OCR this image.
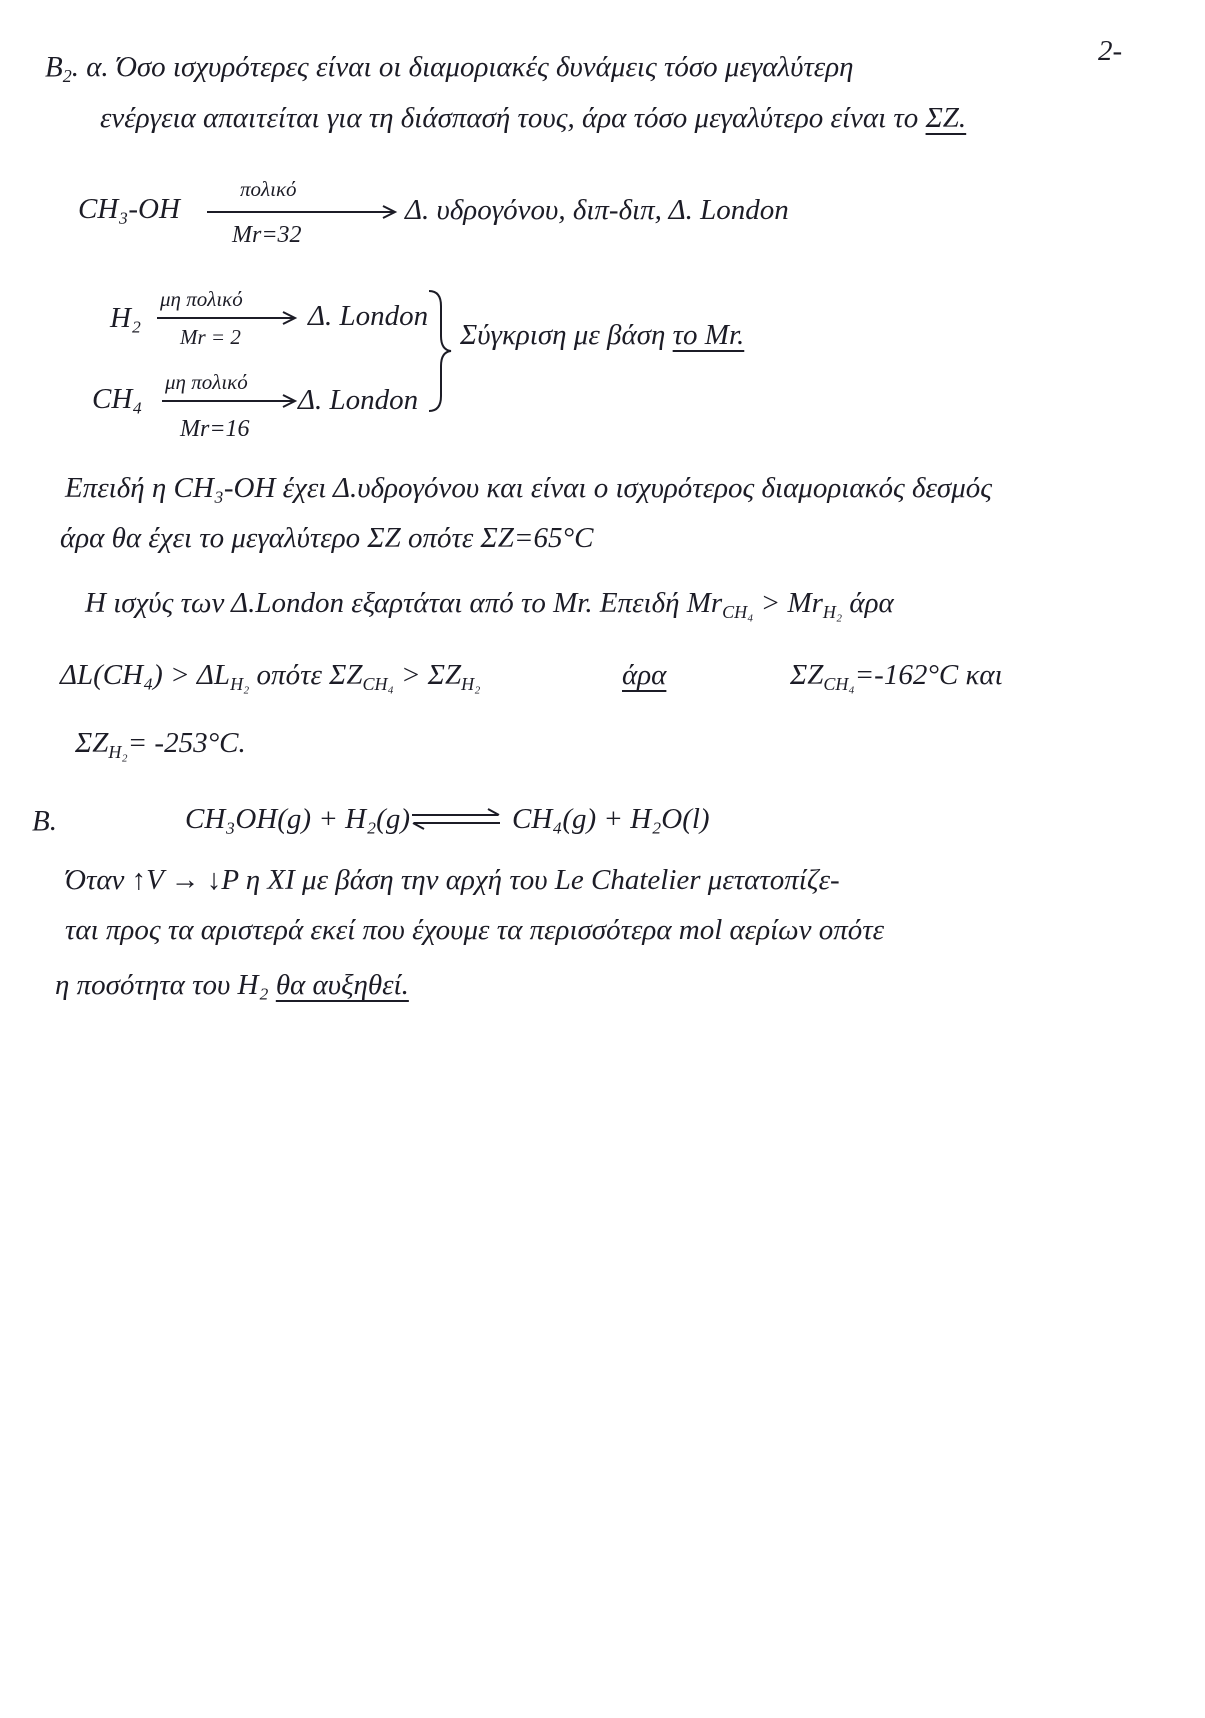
2-
$B_2$. α. Όσο ισχυρότερες είναι οι διαμοριακές δυνάμεις τόσο μεγαλύτερη
ενέργεια απαιτείται για τη διάσπασή τους, άρα τόσο μεγαλύτερο είναι το ΣΖ.
CH₃-OH
πολικό
Mr=32
Δ. υδρογόνου, διπ-διπ, Δ. London
H₂
μη πολικό
Mr = 2
Δ. London
Σύγκριση με βάση το Mr.
CH₄
μη πολικό
Mr=16
Δ. London
Επειδή η CH₃-OH έχει Δ.υδρογόνου και είναι ο ισχυρότερος διαμοριακός δεσμός
άρα θα έχει το μεγαλύτερο ΣΖ οπότε ΣΖ=65°C
Η ισχύς των Δ.London εξαρτάται από το Mr. Επειδή $Mr_{CH_4} > Mr_{H_2}$ άρα
$\Delta L(CH_4) > \Delta L_{H_2}$ οπότε $\Sigma Z_{CH_4} > \Sigma Z_{H_2}$	άρα	$\Sigma Z_{CH_4}=-162^\circ C$ και
$\Sigma Z_{H_2}= -253^\circ C$.
Β.	CH₃OH(g) + H₂(g) ⇌ CH₄(g) + H₂O(l)
Όταν ↑V → ↓P η ΧΙ με βάση την αρχή του Le Chatelier μετατοπίζε-
ται προς τα αριστερά εκεί που έχουμε τα περισσότερα mol αερίων οπότε
η ποσότητα του H₂ θα αυξηθεί.
